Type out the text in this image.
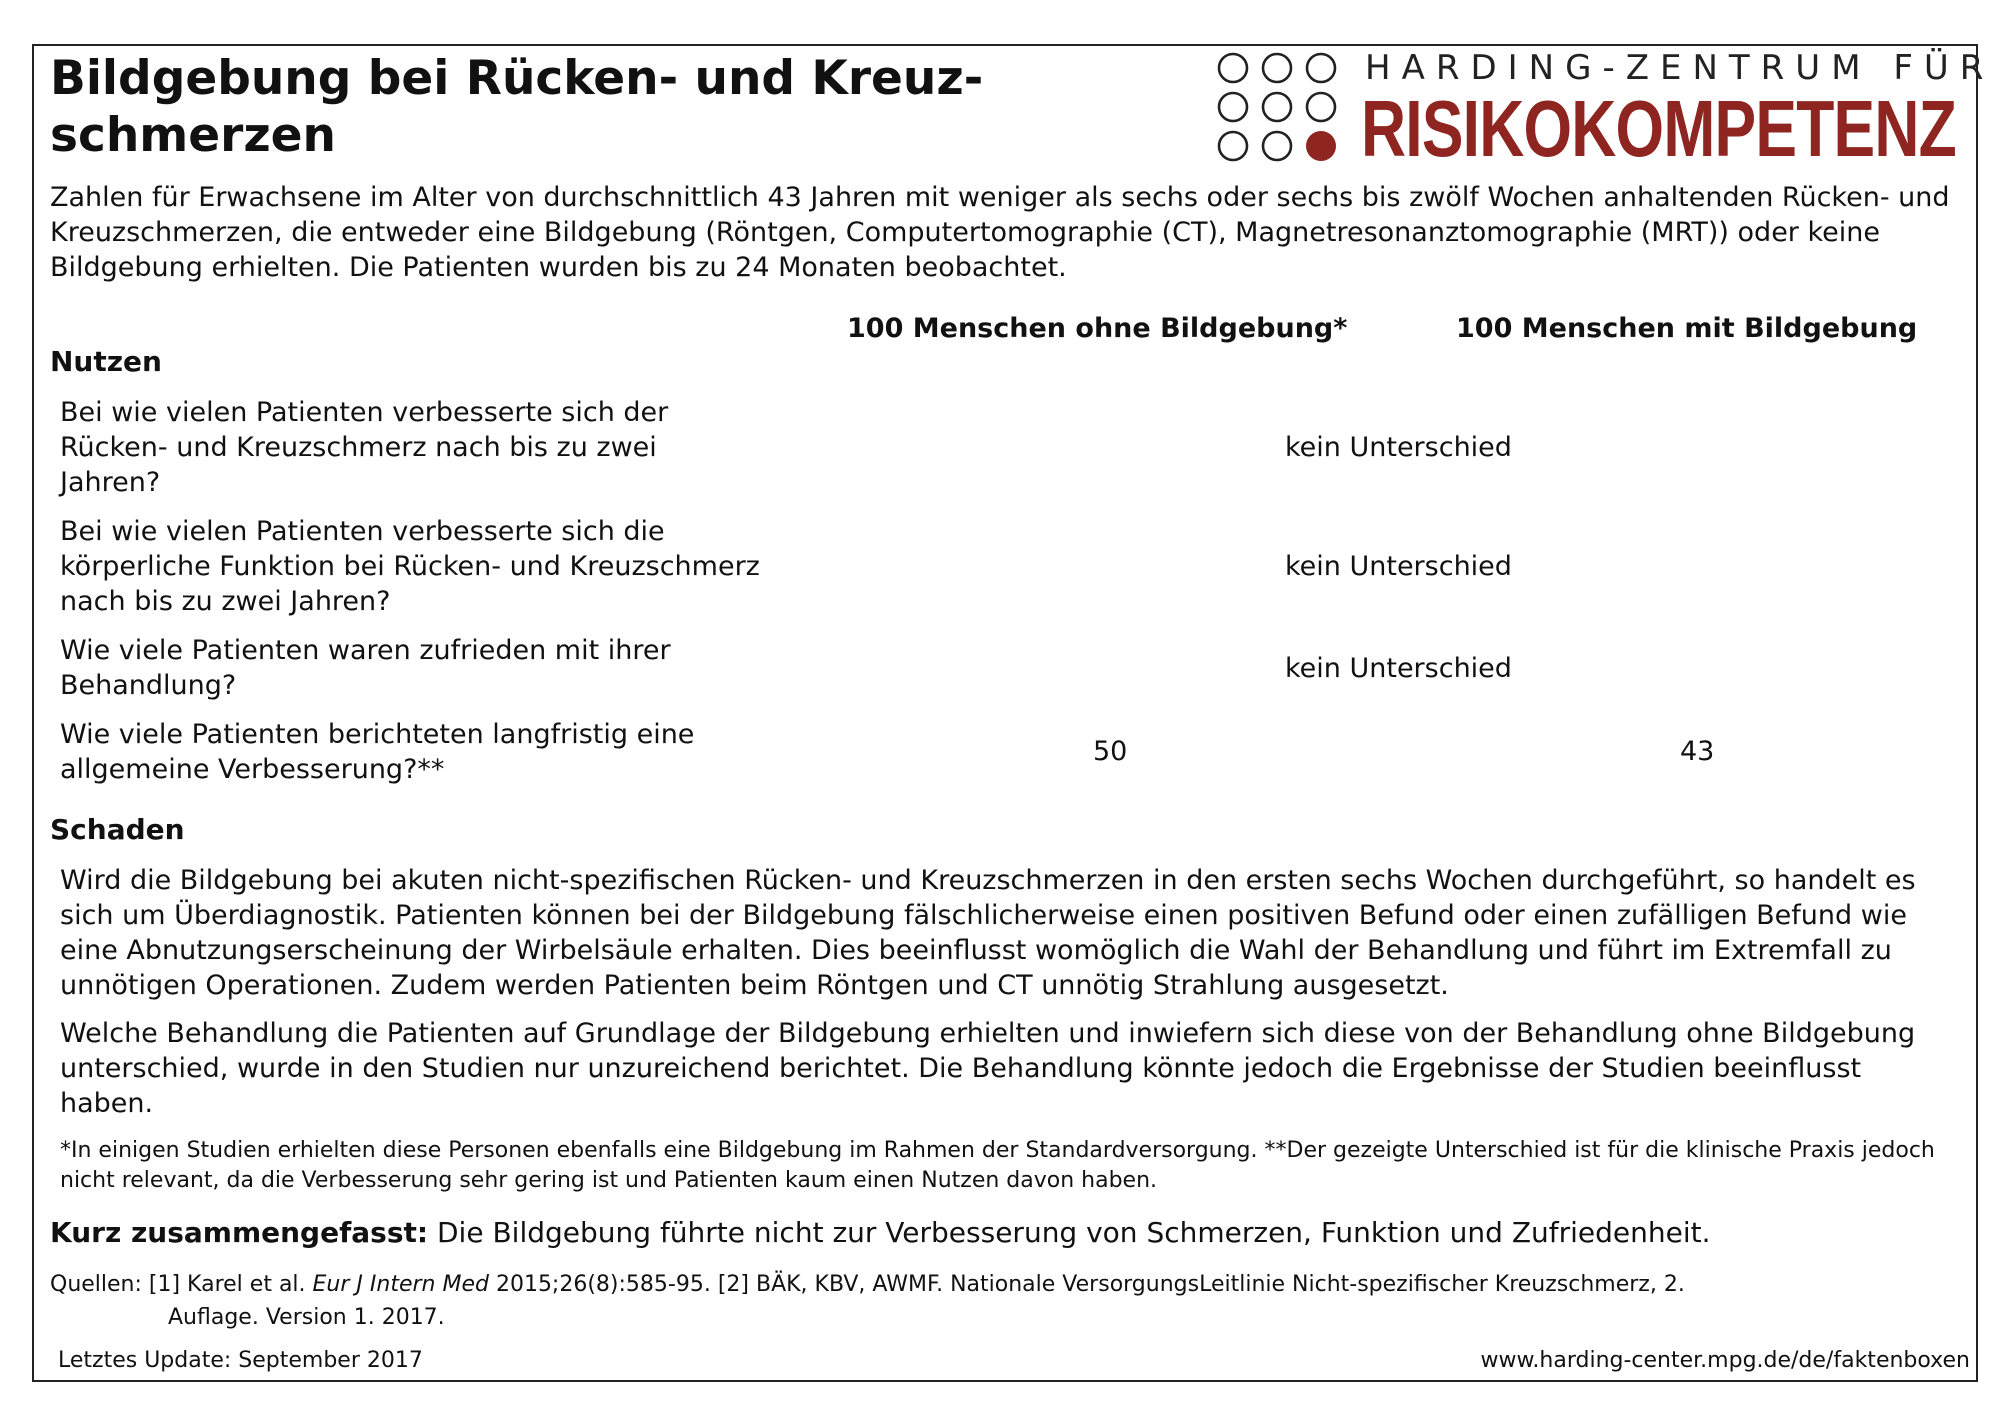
Bildgebung bei Rücken- und Kreuz-schmerzen
HARDING-ZENTRUM FÜR
RISIKOKOMPETENZ
Zahlen für Erwachsene im Alter von durchschnittlich 43 Jahren mit weniger als sechs oder sechs bis zwölf Wochen anhaltenden Rücken- und Kreuzschmerzen, die entweder eine Bildgebung (Röntgen, Computertomographie (CT), Magnetresonanztomographie (MRT)) oder keine Bildgebung erhielten. Die Patienten wurden bis zu 24 Monaten beobachtet.
100 Menschen ohne Bildgebung*	100 Menschen mit Bildgebung
Nutzen
Bei wie vielen Patienten verbesserte sich der Rücken- und Kreuzschmerz nach bis zu zwei Jahren?
kein Unterschied
Bei wie vielen Patienten verbesserte sich die körperliche Funktion bei Rücken- und Kreuzschmerz nach bis zu zwei Jahren?
kein Unterschied
Wie viele Patienten waren zufrieden mit ihrer Behandlung?
kein Unterschied
Wie viele Patienten berichteten langfristig eine allgemeine Verbesserung?**
50	43
Schaden
Wird die Bildgebung bei akuten nicht-spezifischen Rücken- und Kreuzschmerzen in den ersten sechs Wochen durchgeführt, so handelt es sich um Überdiagnostik. Patienten können bei der Bildgebung fälschlicherweise einen positiven Befund oder einen zufälligen Befund wie eine Abnutzungserscheinung der Wirbelsäule erhalten. Dies beeinflusst womöglich die Wahl der Behandlung und führt im Extremfall zu unnötigen Operationen. Zudem werden Patienten beim Röntgen und CT unnötig Strahlung ausgesetzt.
Welche Behandlung die Patienten auf Grundlage der Bildgebung erhielten und inwiefern sich diese von der Behandlung ohne Bildgebung unterschied, wurde in den Studien nur unzureichend berichtet. Die Behandlung könnte jedoch die Ergebnisse der Studien beeinflusst haben.
*In einigen Studien erhielten diese Personen ebenfalls eine Bildgebung im Rahmen der Standardversorgung. **Der gezeigte Unterschied ist für die klinische Praxis jedoch nicht relevant, da die Verbesserung sehr gering ist und Patienten kaum einen Nutzen davon haben.
Kurz zusammengefasst: Die Bildgebung führte nicht zur Verbesserung von Schmerzen, Funktion und Zufriedenheit.
Quellen: [1] Karel et al. Eur J Intern Med 2015;26(8):585-95. [2] BÄK, KBV, AWMF. Nationale VersorgungsLeitlinie Nicht-spezifischer Kreuzschmerz, 2.
Auflage. Version 1. 2017.
Letztes Update: September 2017	www.harding-center.mpg.de/de/faktenboxen
